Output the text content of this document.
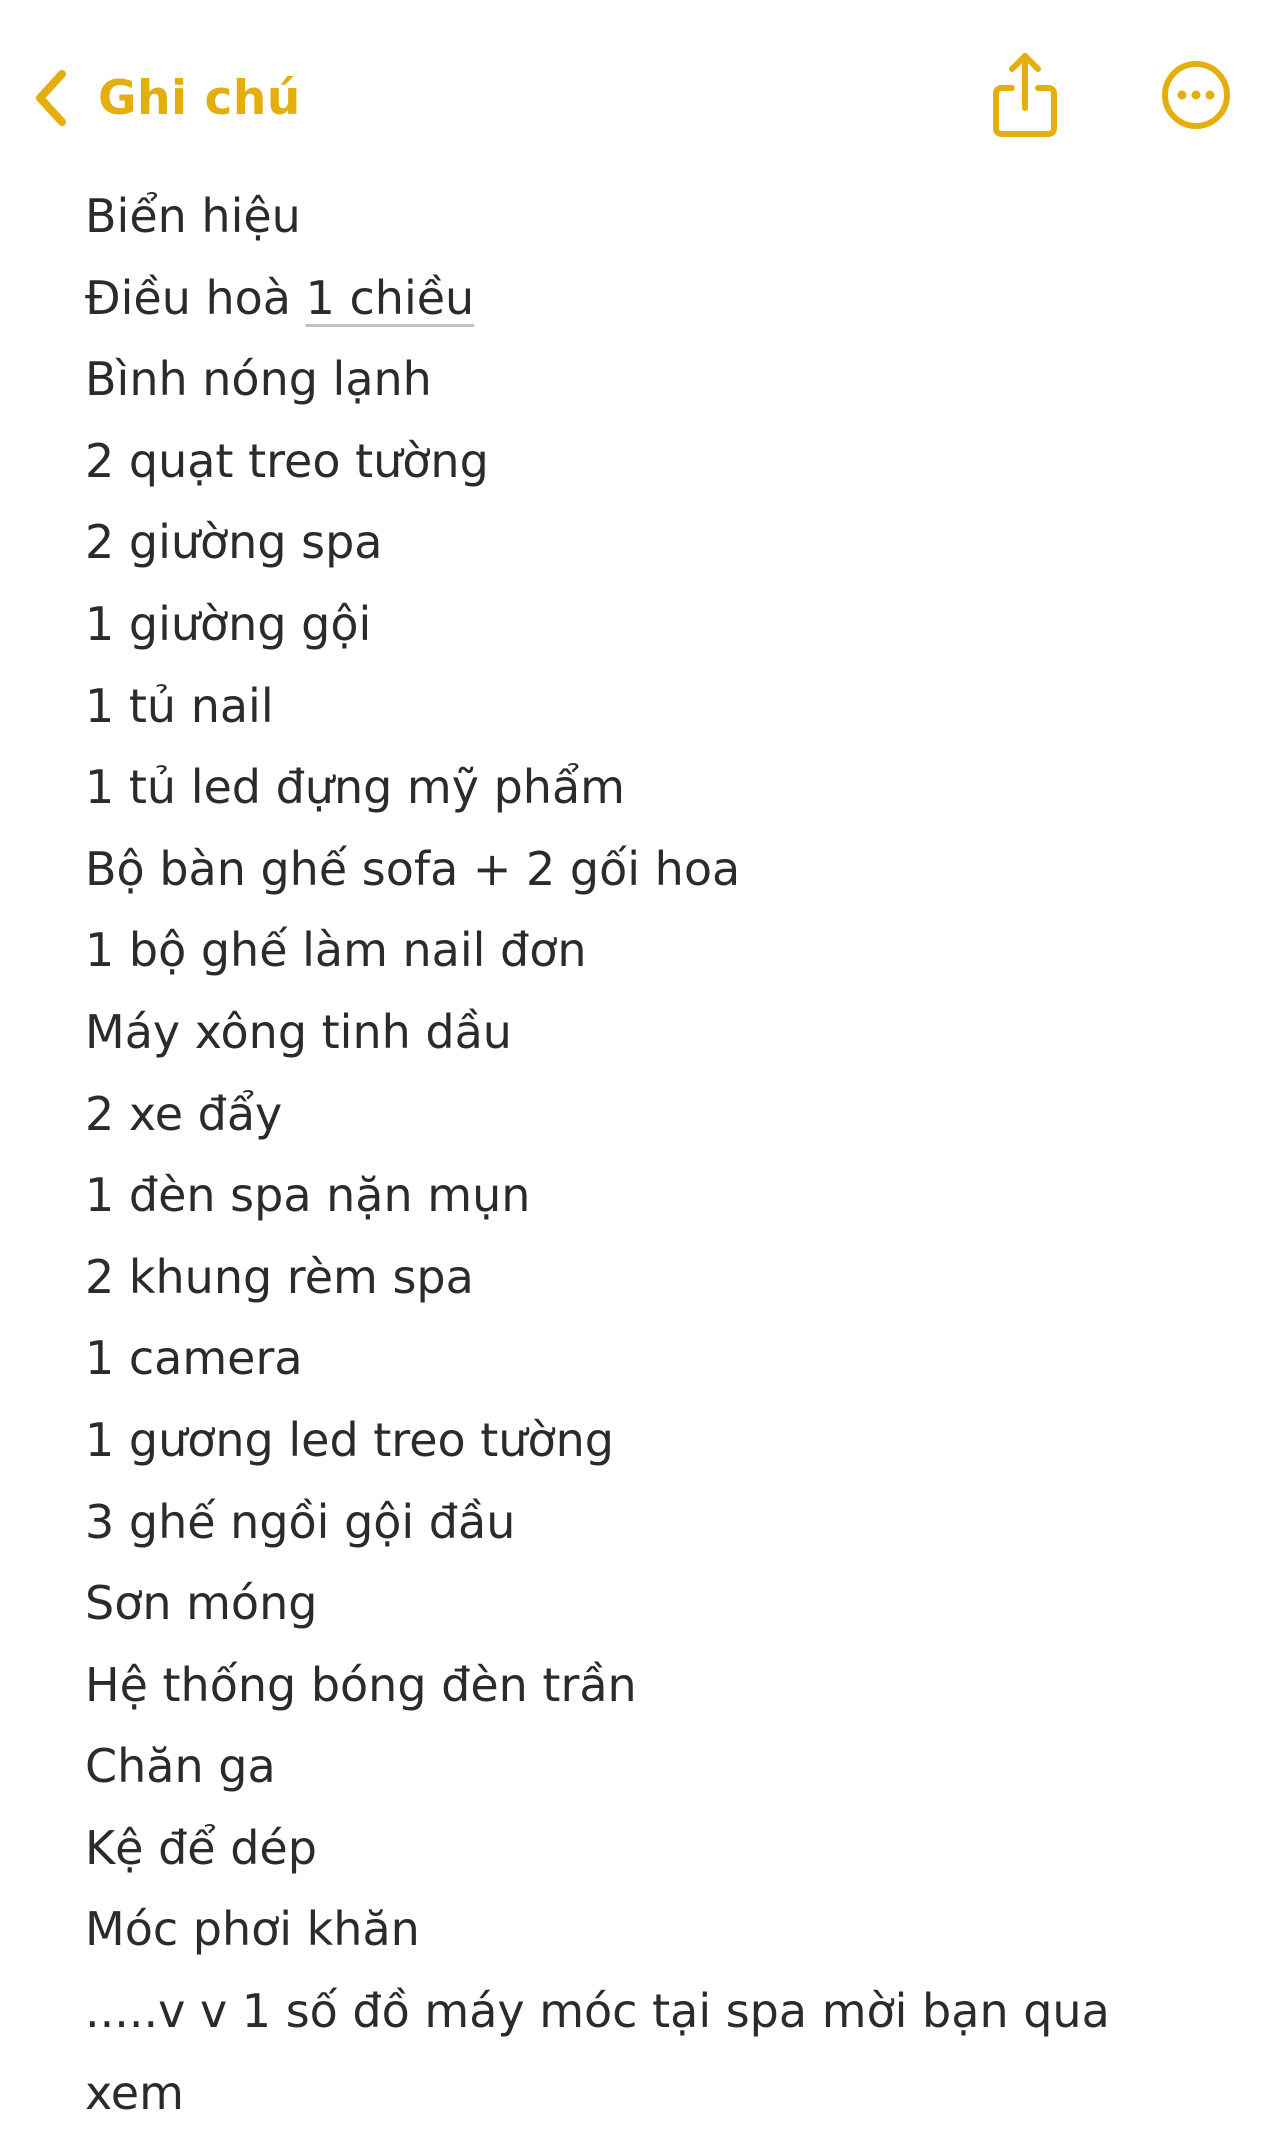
Ghi chú
Biển hiệu
Điều hoà 1 chiều
Bình nóng lạnh
2 quạt treo tường
2 giường spa
1 giường gội
1 tủ nail
1 tủ led đựng mỹ phẩm
Bộ bàn ghế sofa + 2 gối hoa
1 bộ ghế làm nail đơn
Máy xông tinh dầu
2 xe đẩy
1 đèn spa nặn mụn
2 khung rèm spa
1 camera
1 gương led treo tường
3 ghế ngồi gội đầu
Sơn móng
Hệ thống bóng đèn trần
Chăn ga
Kệ để dép
Móc phơi khăn
.....v v 1 số đồ máy móc tại spa mời bạn qua
xem
